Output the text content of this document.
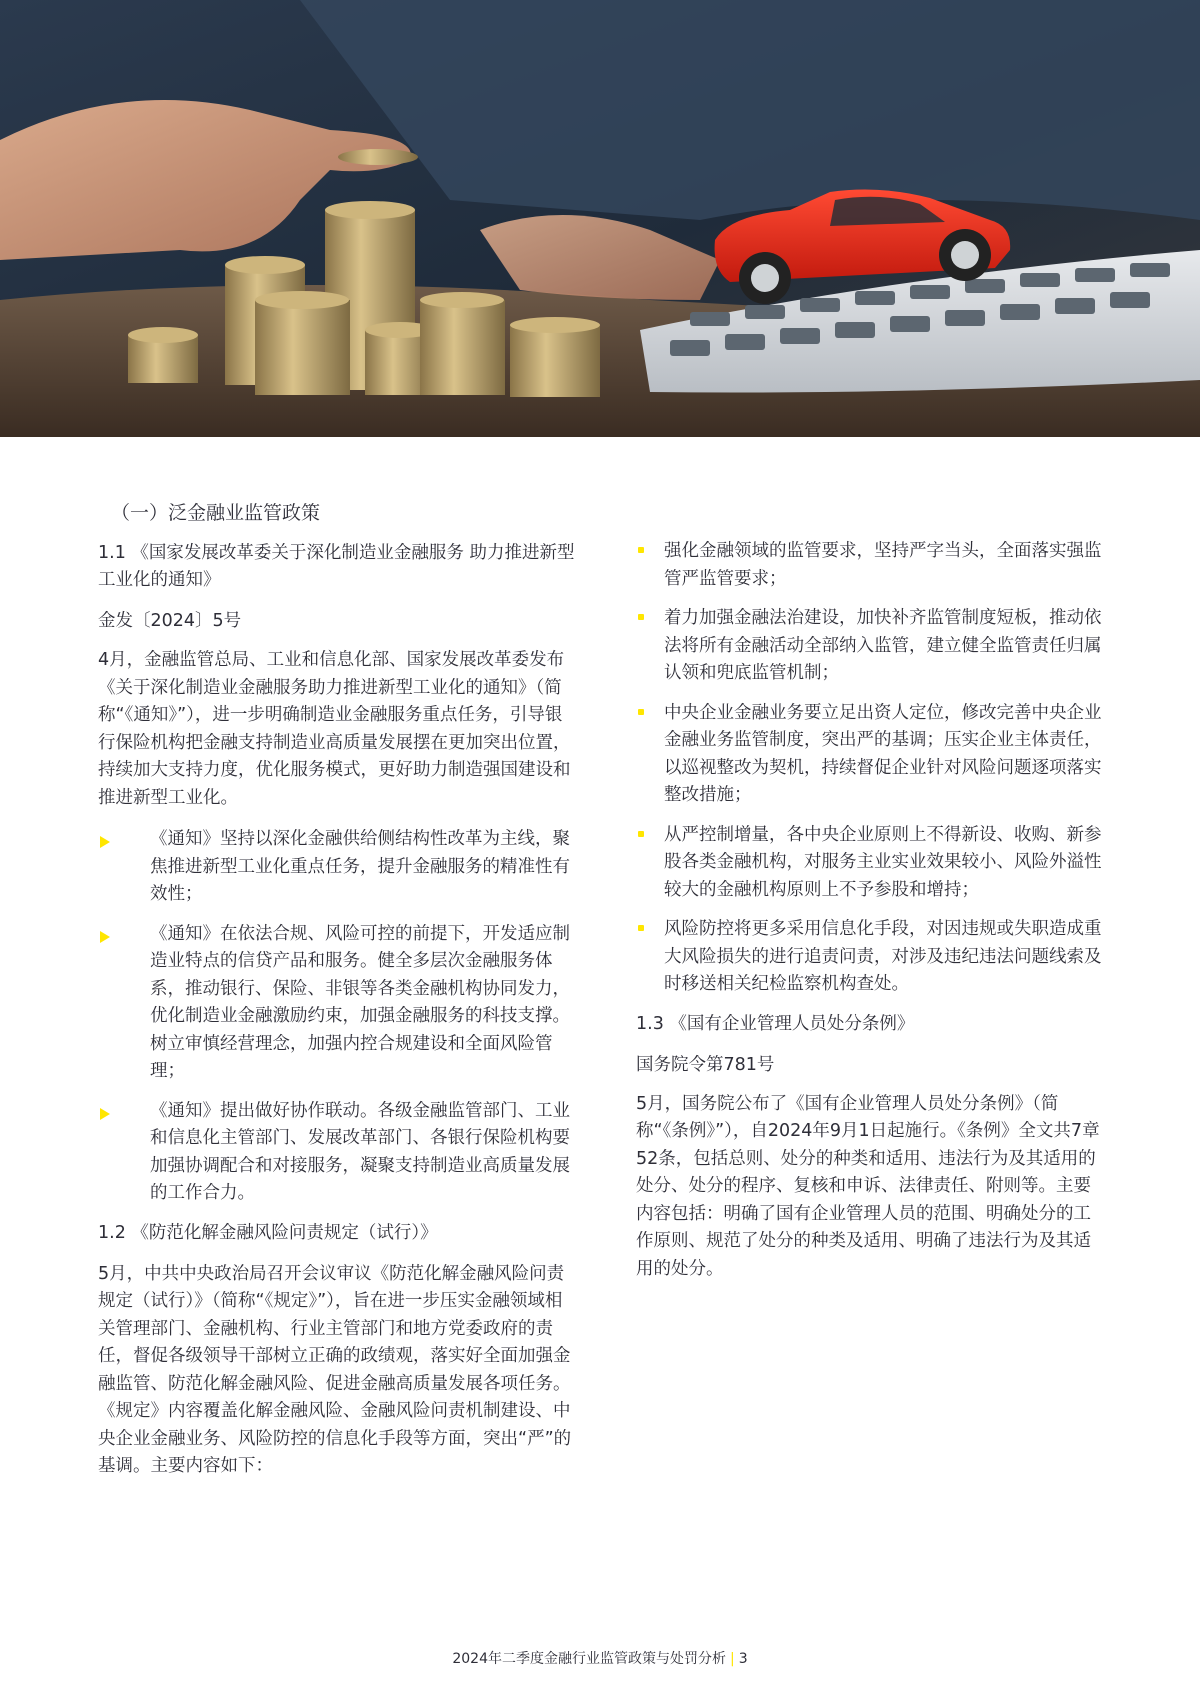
（一）泛金融业监管政策
1.1 《国家发展改革委关于深化制造业金融服务 助力推进新型工业化的通知》
金发〔2024〕5号
4月，金融监管总局、工业和信息化部、国家发展改革委发布《关于深化制造业金融服务助力推进新型工业化的通知》（简称“《通知》”），进一步明确制造业金融服务重点任务，引导银行保险机构把金融支持制造业高质量发展摆在更加突出位置，持续加大支持力度，优化服务模式，更好助力制造强国建设和推进新型工业化。
《通知》坚持以深化金融供给侧结构性改革为主线，聚焦推进新型工业化重点任务，提升金融服务的精准性有效性；
《通知》在依法合规、风险可控的前提下，开发适应制造业特点的信贷产品和服务。健全多层次金融服务体系，推动银行、保险、非银等各类金融机构协同发力，优化制造业金融激励约束，加强金融服务的科技支撑。树立审慎经营理念，加强内控合规建设和全面风险管理；
《通知》提出做好协作联动。各级金融监管部门、工业和信息化主管部门、发展改革部门、各银行保险机构要加强协调配合和对接服务，凝聚支持制造业高质量发展的工作合力。
1.2 《防范化解金融风险问责规定（试行）》
5月，中共中央政治局召开会议审议《防范化解金融风险问责规定（试行）》（简称“《规定》”），旨在进一步压实金融领域相关管理部门、金融机构、行业主管部门和地方党委政府的责任，督促各级领导干部树立正确的政绩观，落实好全面加强金融监管、防范化解金融风险、促进金融高质量发展各项任务。《规定》内容覆盖化解金融风险、金融风险问责机制建设、中央企业金融业务、风险防控的信息化手段等方面，突出“严”的基调。主要内容如下：
强化金融领域的监管要求，坚持严字当头，全面落实强监管严监管要求；
着力加强金融法治建设，加快补齐监管制度短板，推动依法将所有金融活动全部纳入监管，建立健全监管责任归属认领和兜底监管机制；
中央企业金融业务要立足出资人定位，修改完善中央企业金融业务监管制度，突出严的基调；压实企业主体责任，以巡视整改为契机，持续督促企业针对风险问题逐项落实整改措施；
从严控制增量，各中央企业原则上不得新设、收购、新参股各类金融机构，对服务主业实业效果较小、风险外溢性较大的金融机构原则上不予参股和增持；
风险防控将更多采用信息化手段，对因违规或失职造成重大风险损失的进行追责问责，对涉及违纪违法问题线索及时移送相关纪检监察机构查处。
1.3 《国有企业管理人员处分条例》
国务院令第781号
5月，国务院公布了《国有企业管理人员处分条例》（简称“《条例》”），自2024年9月1日起施行。《条例》全文共7章52条，包括总则、处分的种类和适用、违法行为及其适用的处分、处分的程序、复核和申诉、法律责任、附则等。主要内容包括：明确了国有企业管理人员的范围、明确处分的工作原则、规范了处分的种类及适用、明确了违法行为及其适用的处分。
2024年二季度金融行业监管政策与处罚分析 | 3
